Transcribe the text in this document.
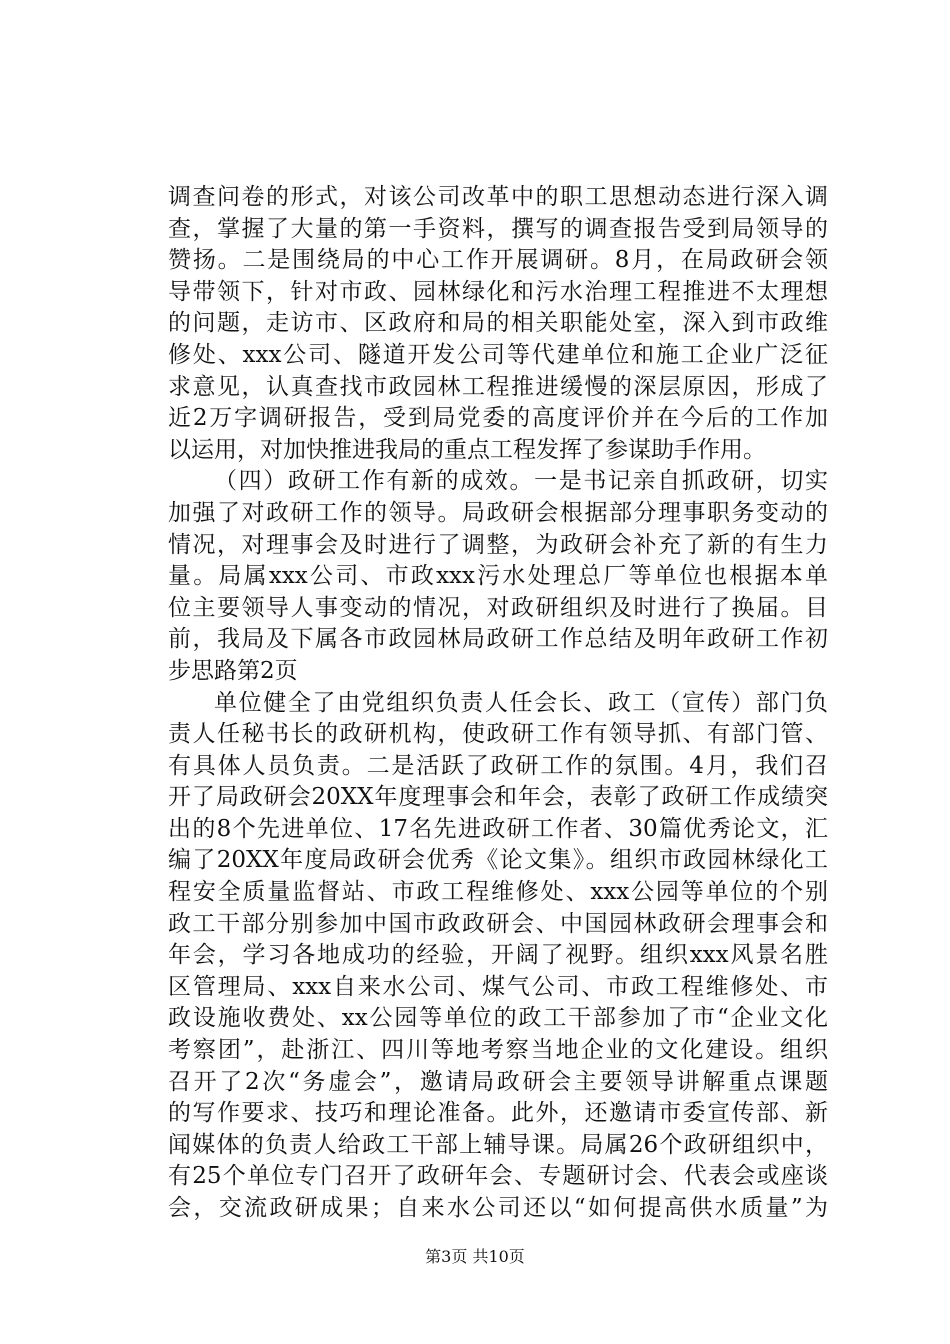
调查问卷的形式，对该公司改革中的职工思想动态进行深入调
查，掌握了大量的第一手资料，撰写的调查报告受到局领导的
赞扬。二是围绕局的中心工作开展调研。8月，在局政研会领
导带领下，针对市政、园林绿化和污水治理工程推进不太理想
的问题，走访市、区政府和局的相关职能处室，深入到市政维
修处、xxx公司、隧道开发公司等代建单位和施工企业广泛征
求意见，认真查找市政园林工程推进缓慢的深层原因，形成了
近2万字调研报告，受到局党委的高度评价并在今后的工作加
以运用，对加快推进我局的重点工程发挥了参谋助手作用。
（四）政研工作有新的成效。一是书记亲自抓政研，切实
加强了对政研工作的领导。局政研会根据部分理事职务变动的
情况，对理事会及时进行了调整，为政研会补充了新的有生力
量。局属xxx公司、市政xxx污水处理总厂等单位也根据本单
位主要领导人事变动的情况，对政研组织及时进行了换届。目
前，我局及下属各市政园林局政研工作总结及明年政研工作初
步思路第2页
单位健全了由党组织负责人任会长、政工（宣传）部门负
责人任秘书长的政研机构，使政研工作有领导抓、有部门管、
有具体人员负责。二是活跃了政研工作的氛围。4月，我们召
开了局政研会20XX年度理事会和年会，表彰了政研工作成绩突
出的8个先进单位、17名先进政研工作者、30篇优秀论文，汇
编了20XX年度局政研会优秀《论文集》。组织市政园林绿化工
程安全质量监督站、市政工程维修处、xxx公园等单位的个别
政工干部分别参加中国市政政研会、中国园林政研会理事会和
年会，学习各地成功的经验，开阔了视野。组织xxx风景名胜
区管理局、xxx自来水公司、煤气公司、市政工程维修处、市
政设施收费处、xx公园等单位的政工干部参加了市“企业文化
考察团”，赴浙江、四川等地考察当地企业的文化建设。组织
召开了2次“务虚会”，邀请局政研会主要领导讲解重点课题
的写作要求、技巧和理论准备。此外，还邀请市委宣传部、新
闻媒体的负责人给政工干部上辅导课。局属26个政研组织中，
有25个单位专门召开了政研年会、专题研讨会、代表会或座谈
会，交流政研成果；自来水公司还以“如何提高供水质量”为
第3页 共10页
